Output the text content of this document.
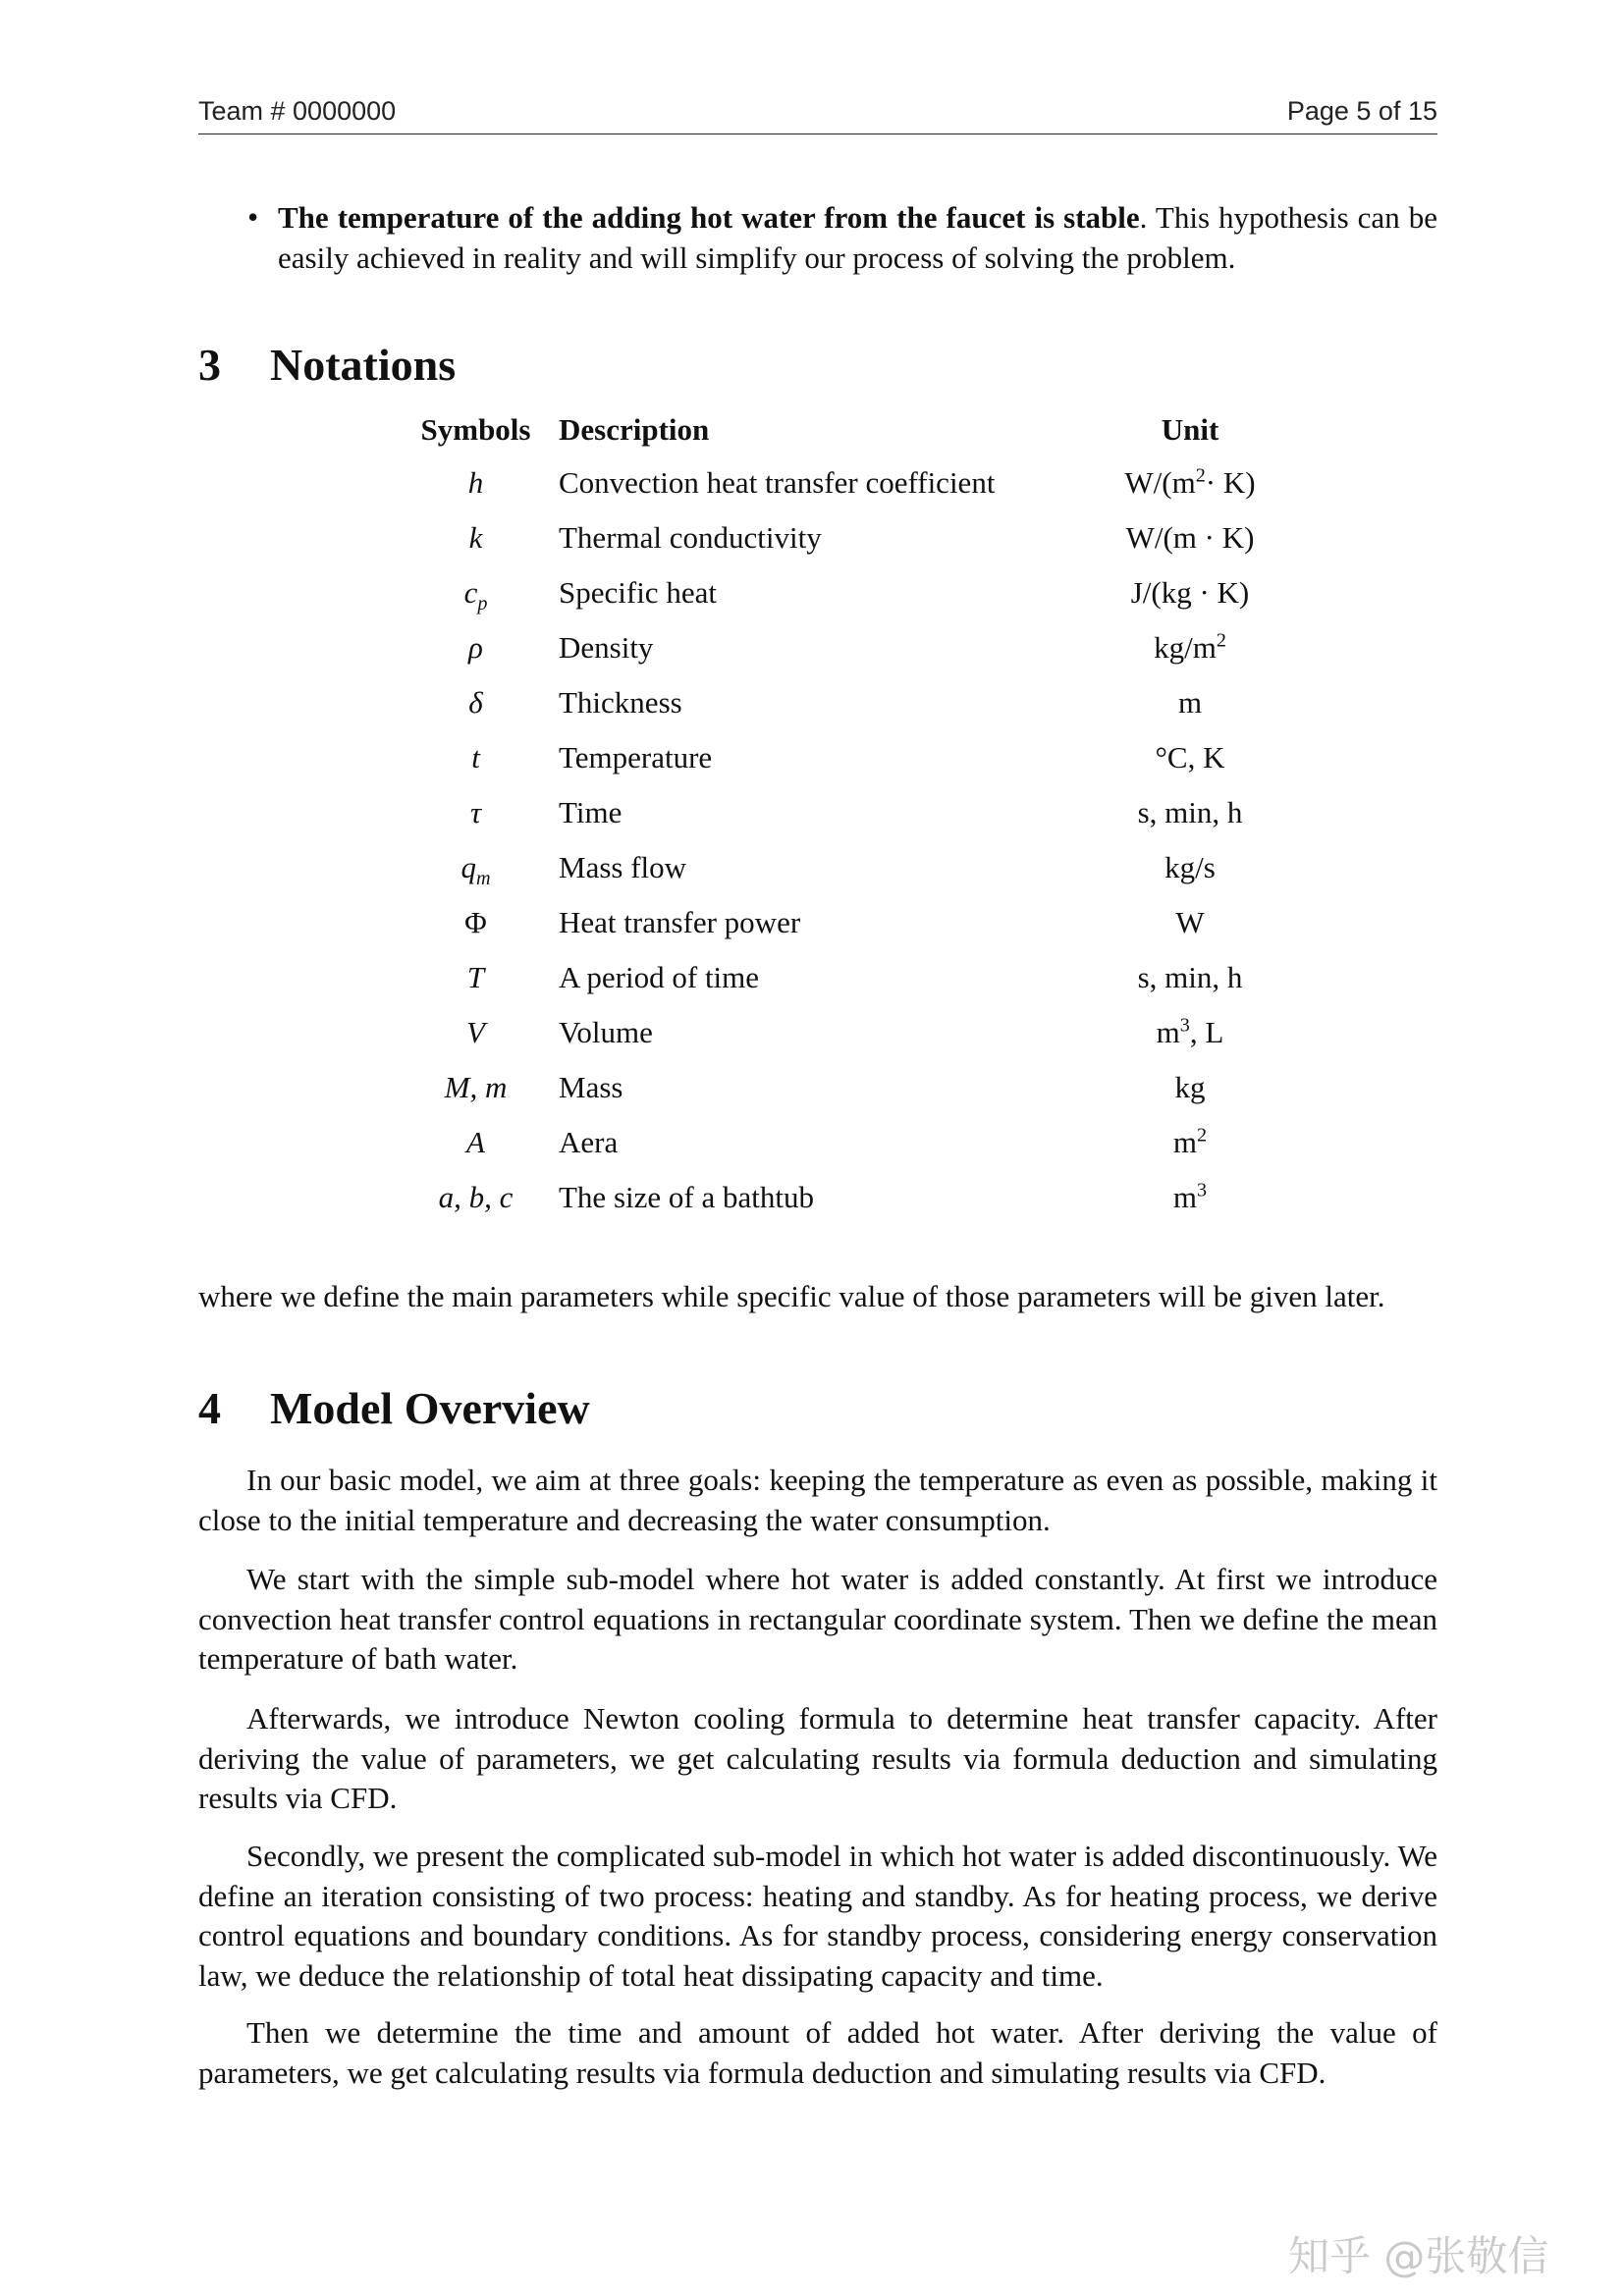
Team # 0000000	Page 5 of 15
• The temperature of the adding hot water from the faucet is stable. This hypothesis can be easily achieved in reality and will simplify our process of solving the problem.
3 Notations
Symbols	Description	Unit
h	Convection heat transfer coefficient	$W/(m^2\cdot K)$
k	Thermal conductivity	W/(m · K)
$c_p$	Specific heat	J/(kg · K)
ρ	Density	$kg/m^2$
δ	Thickness	m
t	Temperature	°C, K
τ	Time	s, min, h
$q_m$	Mass flow	kg/s
Φ	Heat transfer power	W
T	A period of time	s, min, h
V	Volume	$m^3$, L
M, m	Mass	kg
A	Aera	$m^2$
a, b, c	The size of a bathtub	$m^3$

where we define the main parameters while specific value of those parameters will be given later.

4 Model Overview

In our basic model, we aim at three goals: keeping the temperature as even as possible, making it close to the initial temperature and decreasing the water consumption.

We start with the simple sub-model where hot water is added constantly. At first we introduce convection heat transfer control equations in rectangular coordinate system. Then we define the mean temperature of bath water.

Afterwards, we introduce Newton cooling formula to determine heat transfer capacity. After deriving the value of parameters, we get calculating results via formula deduction and simulating results via CFD.

Secondly, we present the complicated sub-model in which hot water is added discontinuously. We define an iteration consisting of two process: heating and standby. As for heating process, we derive control equations and boundary conditions. As for standby process, considering energy conservation law, we deduce the relationship of total heat dissipating capacity and time.

Then we determine the time and amount of added hot water. After deriving the value of parameters, we get calculating results via formula deduction and simulating results via CFD.

知乎 @张敬信
